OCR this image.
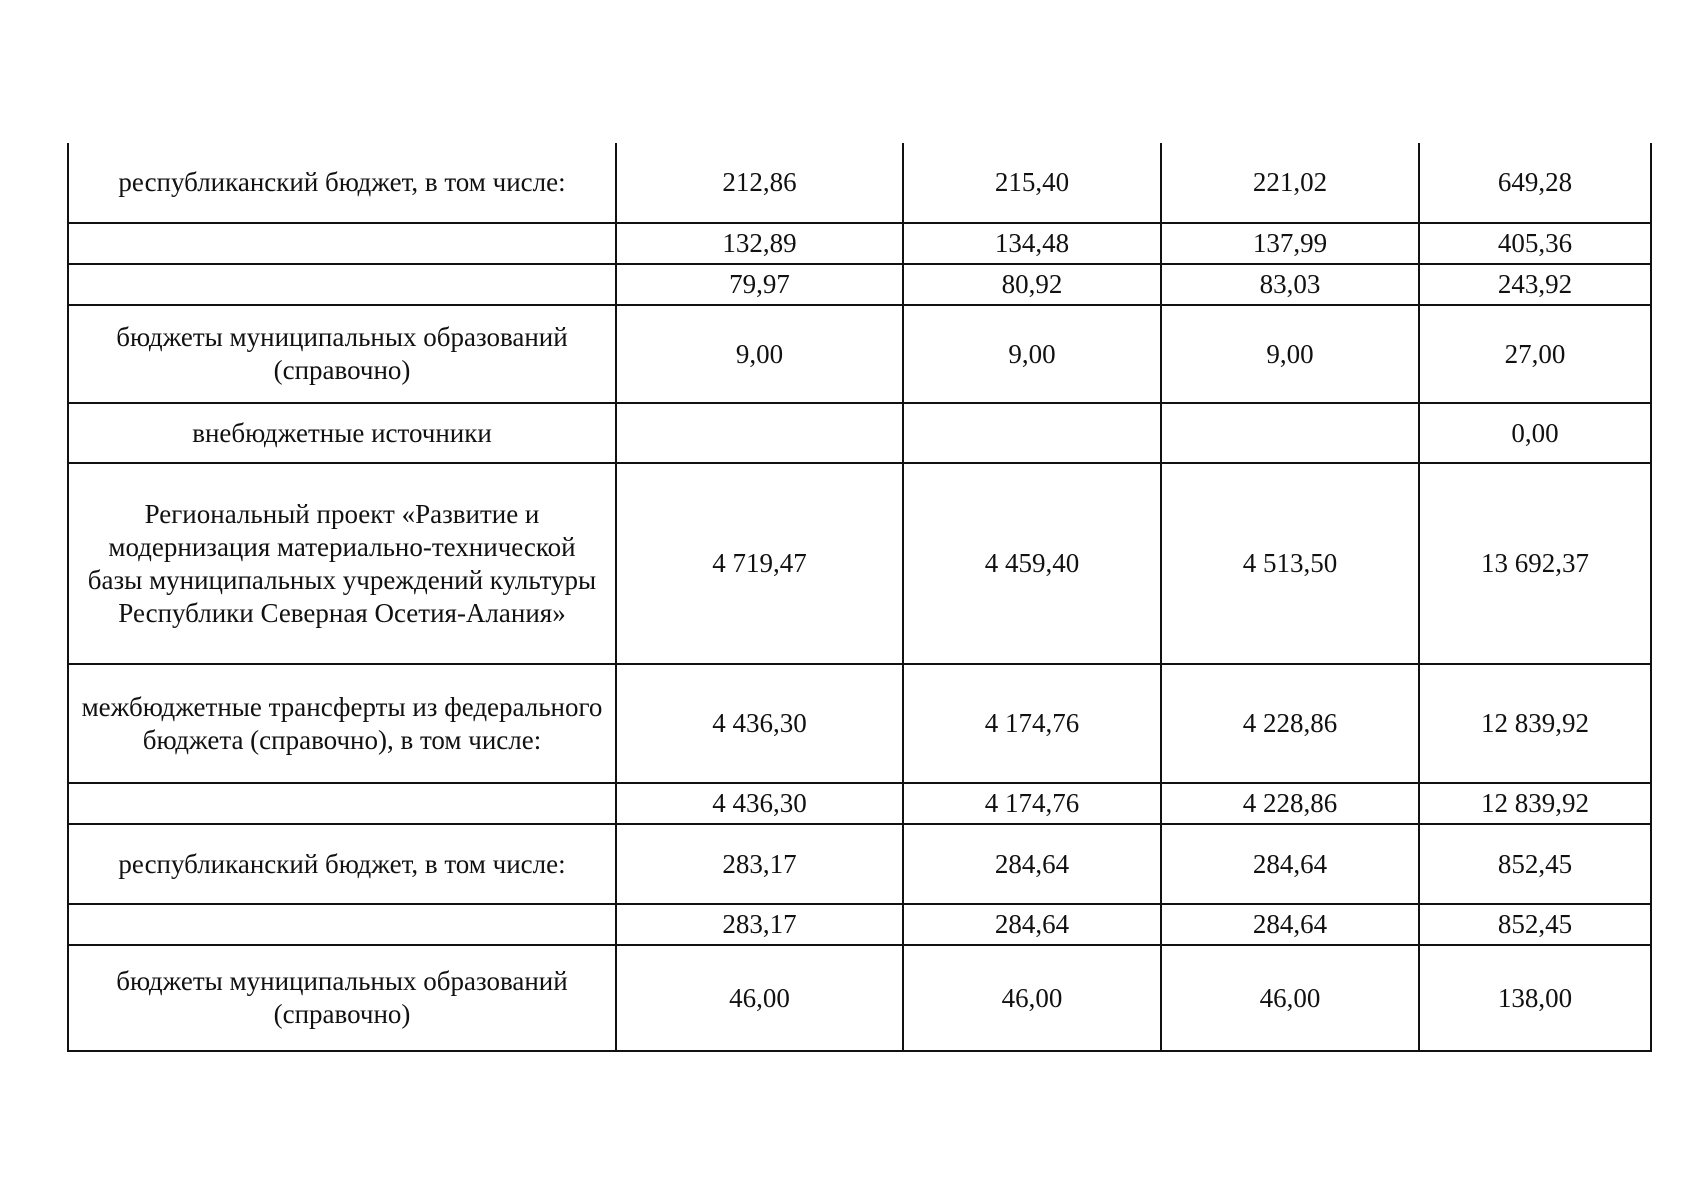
республиканский бюджет, в том числе:	212,86	215,40	221,02	649,28
	132,89	134,48	137,99	405,36
	79,97	80,92	83,03	243,92
бюджеты муниципальных образований (справочно)	9,00	9,00	9,00	27,00
внебюджетные источники				0,00
Региональный проект «Развитие и модернизация материально-технической базы муниципальных учреждений культуры Республики Северная Осетия-Алания»	4 719,47	4 459,40	4 513,50	13 692,37
межбюджетные трансферты из федерального бюджета (справочно), в том числе:	4 436,30	4 174,76	4 228,86	12 839,92
	4 436,30	4 174,76	4 228,86	12 839,92
республиканский бюджет, в том числе:	283,17	284,64	284,64	852,45
	283,17	284,64	284,64	852,45
бюджеты муниципальных образований (справочно)	46,00	46,00	46,00	138,00
